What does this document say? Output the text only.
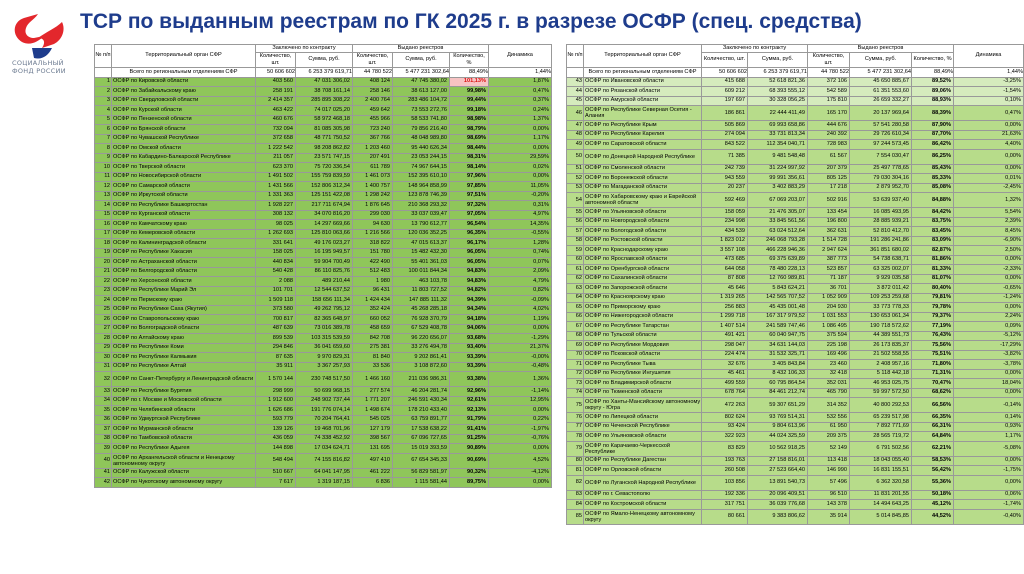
СОЦИАЛЬНЫЙ
ФОНД РОССИИ
ТСР по выданным реестрам по ГК 2025 г. в разрезе ОСФР (спец. средства)
№ п/п	Территориальный орган СФР	Заключено по контракту		Выдано реестров			Динамика
		Количество, шт.	Сумма, руб.	Количество, шт.	Сумма, руб.	Количество, %	
	Всего по региональным отделениям СФР	50 606 602	6 253 379 619,71	44 780 522	5 477 231 302,64	88,49%	1,44%
1	ОСФР по Кировской области	403 560	47 031 306,02	408 124	47 745 380,02	101,13%	1,87%
2	ОСФР по Забайкальскому краю	258 191	38 708 161,14	258 146	38 613 127,00	99,98%	0,47%
3	ОСФР по Свердловской области	2 414 357	285 895 308,22	2 400 764	283 486 104,72	99,44%	0,37%
4	ОСФР по Курской области	463 422	74 017 025,20	459 642	73 553 272,76	99,18%	0,24%
5	ОСФР по Пензенской области	460 676	58 972 468,18	455 966	58 533 741,80	98,98%	1,37%
6	ОСФР по Брянской области	732 094	81 085 305,98	723 240	79 856 216,40	98,79%	0,00%
7	ОСФР по Чувашской Республике	372 658	48 771 750,52	367 766	48 048 989,80	98,69%	1,17%
8	ОСФР по Омской области	1 222 542	98 208 862,82	1 203 460	95 440 626,34	98,44%	0,00%
9	ОСФР по Кабардино-Балкарской Республике	211 057	23 571 747,15	207 491	23 053 244,15	98,31%	29,59%
10	ОСФР по Тверской области	623 370	75 720 336,54	611 789	74 967 644,15	98,14%	0,02%
11	ОСФР по Новосибирской области	1 491 502	155 759 839,59	1 461 073	152 395 610,10	97,96%	0,00%
12	ОСФР по Самарской области	1 431 566	152 806 312,34	1 400 757	148 964 858,99	97,85%	11,05%
13	ОСФР по Иркутской области	1 331 363	125 151 422,08	1 298 242	123 878 746,39	97,51%	-0,20%
14	ОСФР по Республике Башкортостан	1 928 227	217 711 674,94	1 876 645	210 368 293,32	97,32%	0,31%
15	ОСФР по Курганской области	308 132	34 070 816,20	299 030	33 037 039,47	97,05%	4,97%
16	ОСФР по Камчатскому краю	98 025	14 297 669,66	94 630	13 790 612,77	96,54%	14,35%
17	ОСФР по Кемеровской области	1 262 693	125 810 063,66	1 216 566	120 036 352,25	96,35%	-0,55%
18	ОСФР по Калининградской области	331 641	49 176 023,27	318 822	47 015 613,37	96,17%	1,28%
19	ОСФР по Республике Хакасия	158 025	16 195 949,57	151 780	15 482 432,30	96,05%	0,74%
20	ОСФР по Астраханской области	440 834	59 904 700,49	422 490	55 401 361,03	96,05%	0,07%
21	ОСФР по Белгородской области	540 428	86 110 825,76	512 483	100 011 844,34	94,83%	2,09%
22	ОСФР по Херсонской области	2 088	489 210,44	1 980	463 103,78	94,83%	4,79%
23	ОСФР по Республике Марий Эл	101 701	12 544 637,52	96 431	11 803 727,52	94,82%	0,82%
24	ОСФР по Пермскому краю	1 509 118	158 656 111,34	1 424 434	147 885 111,32	94,39%	-0,09%
25	ОСФР по Республике Саха (Якутия)	373 580	49 262 795,12	352 424	45 268 285,18	94,34%	4,02%
26	ОСФР по Ставропольскому краю	700 817	82 365 648,97	660 052	76 928 370,79	94,18%	1,19%
27	ОСФР по Волгоградской области	487 639	73 016 389,78	458 659	67 529 408,78	94,06%	0,00%
28	ОСФР по Алтайскому краю	899 539	103 315 539,59	842 708	96 220 656,07	93,68%	-1,29%
29	ОСФР по Республике Коми	294 846	36 041 659,60	275 381	33 276 494,78	93,40%	21,37%
30	ОСФР по Республике Калмыкия	87 635	9 970 829,31	81 840	9 202 861,41	93,39%	-0,00%
31	ОСФР по Республике Алтай	35 911	3 367 257,93	33 536	3 108 872,60	93,39%	-0,48%
32	ОСФР по Санкт-Петербургу и Ленинградской области	1 570 144	230 748 517,50	1 466 160	211 036 986,31	93,38%	1,36%
33	ОСФР по Республике Бурятия	298 999	50 699 968,15	277 574	46 204 281,74	92,96%	-1,14%
34	ОСФР по г. Москве и Московской области	1 912 600	248 902 737,44	1 771 207	246 591 430,34	92,61%	12,95%
35	ОСФР по Челябинской области	1 626 686	191 776 074,14	1 498 674	178 210 433,40	92,13%	0,00%
36	ОСФР по Удмуртской Республике	593 779	70 204 764,41	545 025	63 759 891,77	91,79%	0,22%
37	ОСФР по Мурманской области	139 126	19 468 701,96	127 179	17 538 638,22	91,41%	-1,97%
38	ОСФР по Тамбовской области	436 059	74 338 452,92	398 567	67 096 727,65	91,25%	-0,76%
39	ОСФР по Республике Адыгея	144 898	17 034 624,71	131 695	15 019 393,59	90,89%	0,00%
40	ОСФР по Архангельской области и Ненецкому автономному округу	548 494	74 155 816,82	497 410	67 654 345,33	90,69%	4,52%
41	ОСФР по Калужской области	510 667	64 041 147,95	461 222	56 829 581,97	90,32%	-4,12%
42	ОСФР по Чукотскому автономному округу	7 617	1 319 187,15	6 836	1 115 581,44	89,75%	0,00%
№ п/п	Территориальный орган СФР	Заключено по контракту		Выдано реестров			Динамика
		Количество, шт.	Сумма, руб.	Количество, шт.	Сумма, руб.	Количество, %	
	Всего по региональным отделениям СФР	50 606 602	6 253 379 619,71	44 780 522	5 477 231 302,64	88,49%	1,44%
43	ОСФР по Ивановской области	415 688	52 618 821,36	372 106	45 650 885,67	89,52%	-3,25%
44	ОСФР по Рязанской области	609 212	68 393 555,12	542 589	61 351 553,60	89,06%	-1,54%
45	ОСФР по Амурской области	197 697	30 328 056,25	175 810	26 659 332,27	88,93%	0,10%
46	ОСФР по Республике Северная Осетия - Алания	186 861	22 444 411,49	165 170	20 137 969,64	88,39%	0,47%
47	ОСФР по Республике Крым	505 869	69 993 658,86	444 676	57 541 280,58	87,90%	0,00%
48	ОСФР по Республике Карелия	274 094	33 731 813,34	240 392	29 726 610,34	87,70%	21,63%
49	ОСФР по Саратовской области	843 522	112 354 040,71	728 983	97 244 573,45	86,42%	4,40%
50	ОСФР по Донецкой Народной Республике	71 385	9 481 548,48	61 567	7 554 030,47	86,25%	0,00%
51	ОСФР по Смоленской области	242 739	31 224 997,92	207 379	25 497 778,65	85,43%	0,00%
52	ОСФР по Воронежской области	943 559	99 991 356,61	805 125	79 030 304,16	85,33%	0,01%
53	ОСФР по Магаданской области	20 237	3 402 883,29	17 218	2 879 952,70	85,08%	-2,45%
54	ОСФР по Хабаровскому краю и Еврейской автономной области	592 469	67 069 203,07	502 916	53 639 937,40	84,88%	1,32%
55	ОСФР по Ульяновской области	158 059	21 476 305,07	133 454	16 085 493,95	84,42%	5,54%
56	ОСФР по Новгородской области	234 998	33 845 561,56	196 800	28 885 939,21	83,75%	2,39%
57	ОСФР по Вологодской области	434 539	63 024 512,64	362 631	52 810 412,70	83,45%	8,45%
58	ОСФР по Ростовской области	1 823 012	246 068 793,28	1 514 728	191 286 241,86	83,09%	-6,90%
59	ОСФР по Краснодарскому краю	3 557 108	466 228 946,36	2 947 624	361 851 680,02	82,87%	2,50%
60	ОСФР по Ярославской области	473 685	69 375 639,89	387 773	54 738 638,71	81,86%	0,00%
61	ОСФР по Оренбургской области	644 058	78 480 228,13	523 857	63 325 002,07	81,33%	-2,33%
62	ОСФР по Сахалинской области	87 808	12 760 989,81	71 187	9 929 035,58	81,07%	0,00%
63	ОСФР по Запорожской области	45 646	5 843 624,21	36 701	3 872 011,42	80,40%	-0,65%
64	ОСФР по Красноярскому краю	1 319 265	142 565 707,52	1 052 909	109 253 259,68	79,81%	-1,24%
65	ОСФР по Приморскому краю	256 883	45 435 001,48	204 930	33 773 778,33	79,78%	0,00%
66	ОСФР по Нижегородской области	1 299 718	167 317 979,52	1 031 553	130 653 061,34	79,37%	2,24%
67	ОСФР по Республике Татарстан	1 407 514	241 589 747,46	1 086 495	190 718 572,62	77,19%	0,09%
68	ОСФР по Тульской области	491 421	60 040 947,75	375 594	44 389 551,73	76,43%	-5,12%
69	ОСФР по Республике Мордовия	298 047	34 631 144,03	225 198	26 173 835,37	75,56%	-17,29%
70	ОСФР по Псковской области	224 474	31 532 325,71	169 496	21 502 558,55	75,51%	-3,82%
71	ОСФР по Республике Тыва	32 676	3 405 843,84	23 460	2 408 957,16	71,80%	-3,78%
72	ОСФР по Республике Ингушетия	45 461	8 432 106,33	32 418	5 118 442,18	71,31%	0,00%
73	ОСФР по Владимирской области	499 559	60 795 864,54	352 031	46 953 025,75	70,47%	18,04%
74	ОСФР по Тюменской области	678 764	84 461 212,74	465 790	59 997 572,50	68,62%	0,00%
75	ОСФР по Ханты-Мансийскому автономному округу - Югра	472 263	59 307 651,29	314 352	40 800 292,53	66,56%	-0,14%
76	ОСФР по Липецкой области	802 624	93 769 514,31	532 556	65 239 517,98	66,35%	0,14%
77	ОСФР по Чеченской Республике	93 424	9 804 613,96	61 950	7 892 771,69	66,31%	0,93%
78	ОСФР по Ульяновской области	322 923	44 024 325,59	209 375	28 565 719,72	64,84%	1,17%
79	ОСФР по Карачаево-Черкесской Республике	83 829	10 562 918,25	52 149	6 791 502,56	62,21%	-5,08%
80	ОСФР по Республике Дагестан	193 763	27 158 816,01	113 418	18 043 055,40	58,53%	0,00%
81	ОСФР по Орловской области	260 508	27 523 664,40	146 990	16 831 155,51	56,42%	-1,75%
82	ОСФР по Луганской Народной Республике	103 856	13 891 540,73	57 496	6 362 320,58	55,36%	0,00%
83	ОСФР по г. Севастополю	192 336	20 096 409,51	96 510	11 831 201,55	50,18%	0,06%
84	ОСФР по Костромской области	317 751	36 039 776,68	143 378	14 494 643,25	45,12%	-1,74%
85	ОСФР по Ямало-Ненецкому автономному округу	80 661	9 383 806,62	35 914	5 014 845,85	44,52%	-0,40%
